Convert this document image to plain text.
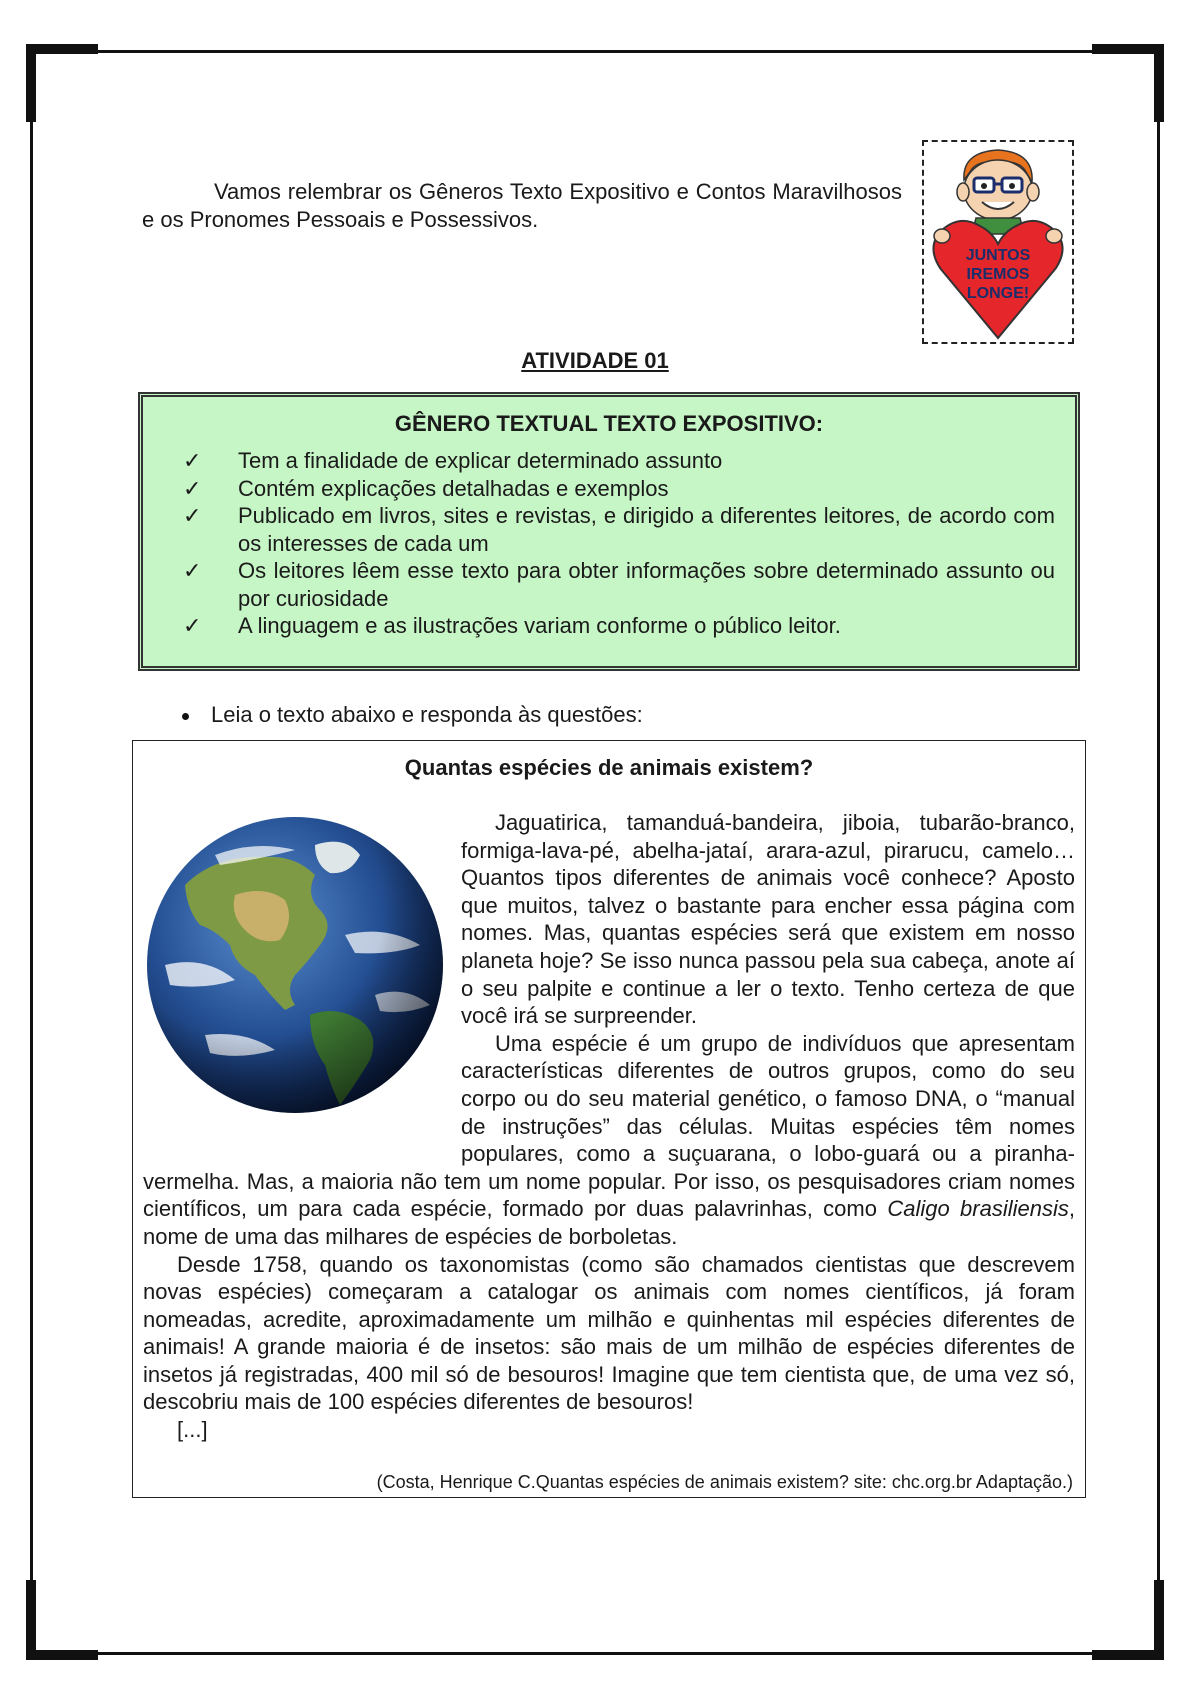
Vamos relembrar os Gêneros Texto Expositivo e Contos Maravilhosos e os Pronomes Pessoais e Possessivos.
JUNTOS
IREMOS
LONGE!
ATIVIDADE 01
GÊNERO TEXTUAL TEXTO EXPOSITIVO:
✓ Tem a finalidade de explicar determinado assunto
✓ Contém explicações detalhadas e exemplos
✓ Publicado em livros, sites e revistas, e dirigido a diferentes leitores, de acordo com os interesses de cada um
✓ Os leitores lêem esse texto para obter informações sobre determinado assunto ou por curiosidade
✓ A linguagem e as ilustrações variam conforme o público leitor.
Leia o texto abaixo e responda às questões:
Quantas espécies de animais existem?

Jaguatirica, tamanduá-bandeira, jiboia, tubarão-branco, formiga-lava-pé, abelha-jataí, arara-azul, pirarucu, camelo… Quantos tipos diferentes de animais você conhece? Aposto que muitos, talvez o bastante para encher essa página com nomes. Mas, quantas espécies será que existem em nosso planeta hoje? Se isso nunca passou pela sua cabeça, anote aí o seu palpite e continue a ler o texto. Tenho certeza de que você irá se surpreender.

Uma espécie é um grupo de indivíduos que apresentam características diferentes de outros grupos, como do seu corpo ou do seu material genético, o famoso DNA, o “manual de instruções” das células. Muitas espécies têm nomes populares, como a suçuarana, o lobo-guará ou a piranha-vermelha. Mas, a maioria não tem um nome popular. Por isso, os pesquisadores criam nomes científicos, um para cada espécie, formado por duas palavrinhas, como Caligo brasiliensis, nome de uma das milhares de espécies de borboletas.

Desde 1758, quando os taxonomistas (como são chamados cientistas que descrevem novas espécies) começaram a catalogar os animais com nomes científicos, já foram nomeadas, acredite, aproximadamente um milhão e quinhentas mil espécies diferentes de animais! A grande maioria é de insetos: são mais de um milhão de espécies diferentes de insetos já registradas, 400 mil só de besouros! Imagine que tem cientista que, de uma vez só, descobriu mais de 100 espécies diferentes de besouros!

[...]

(Costa, Henrique C.Quantas espécies de animais existem? site: chc.org.br Adaptação.)
